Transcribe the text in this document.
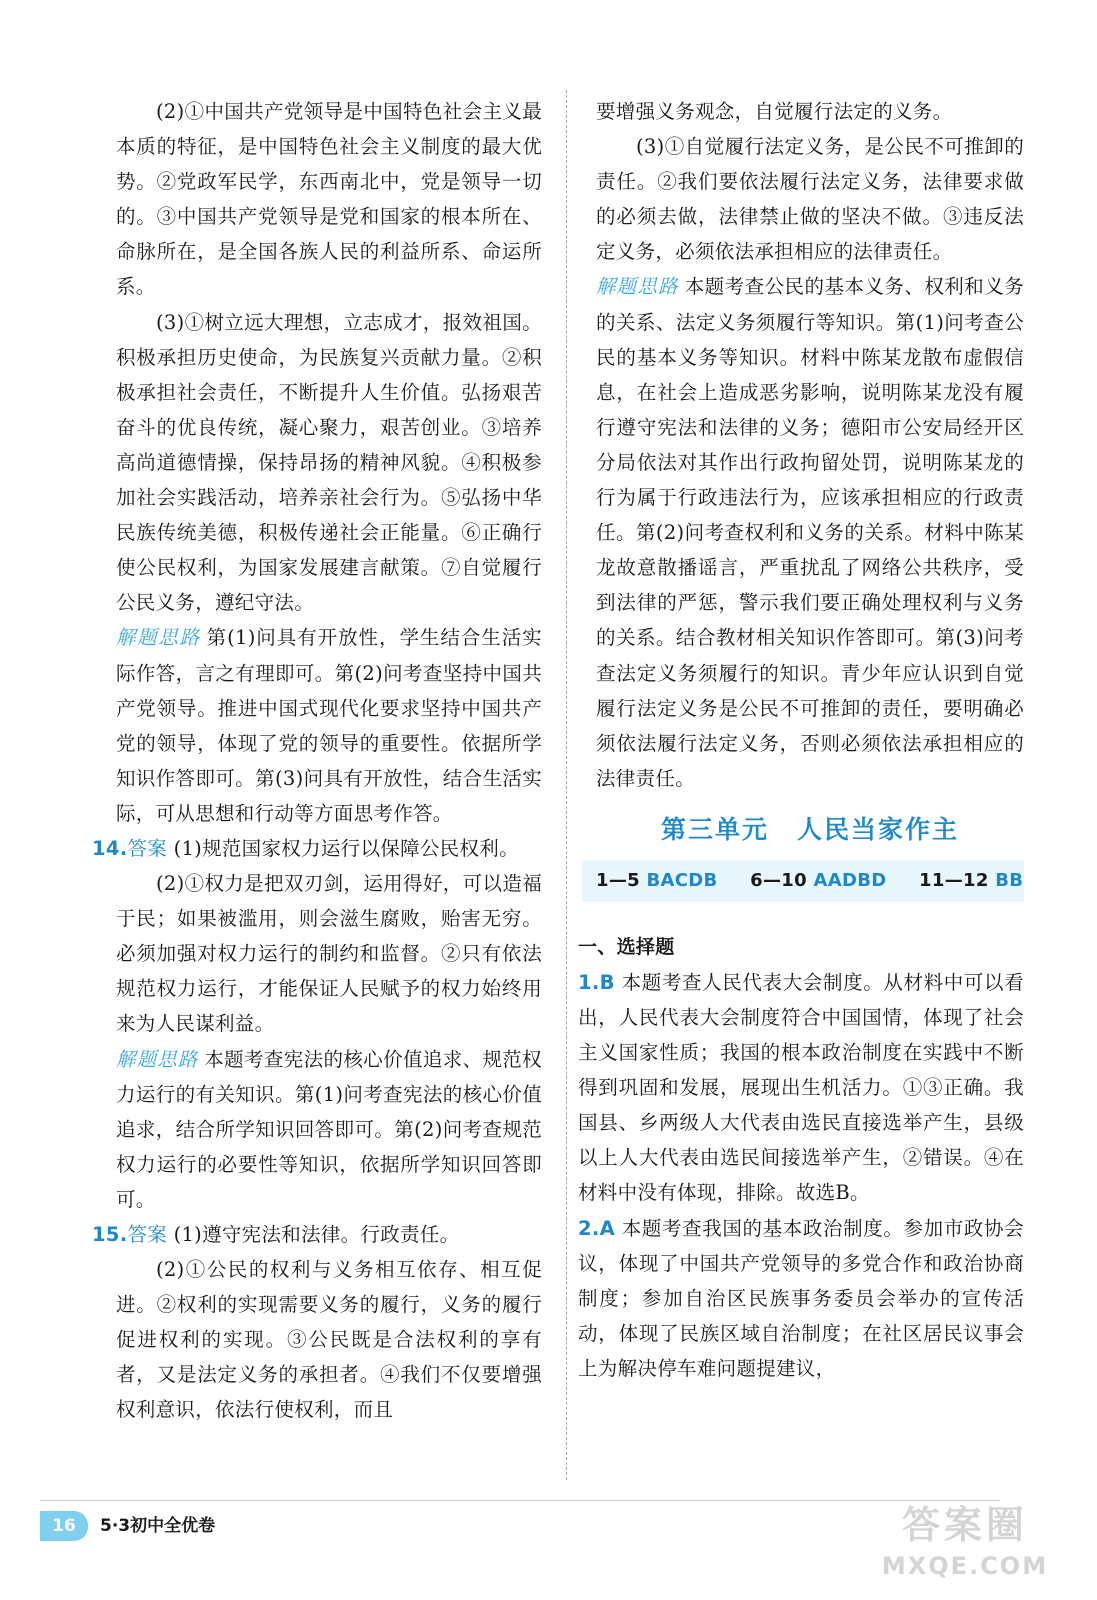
(2)①中国共产党领导是中国特色社会主义最本质的特征，是中国特色社会主义制度的最大优势。②党政军民学，东西南北中，党是领导一切的。③中国共产党领导是党和国家的根本所在、命脉所在，是全国各族人民的利益所系、命运所系。

(3)①树立远大理想，立志成才，报效祖国。积极承担历史使命，为民族复兴贡献力量。②积极承担社会责任，不断提升人生价值。弘扬艰苦奋斗的优良传统，凝心聚力，艰苦创业。③培养高尚道德情操，保持昂扬的精神风貌。④积极参加社会实践活动，培养亲社会行为。⑤弘扬中华民族传统美德，积极传递社会正能量。⑥正确行使公民权利，为国家发展建言献策。⑦自觉履行公民义务，遵纪守法。

解题思路 第(1)问具有开放性，学生结合生活实际作答，言之有理即可。第(2)问考查坚持中国共产党领导。推进中国式现代化要求坚持中国共产党的领导，体现了党的领导的重要性。依据所学知识作答即可。第(3)问具有开放性，结合生活实际，可从思想和行动等方面思考作答。

14.答案 (1)规范国家权力运行以保障公民权利。

(2)①权力是把双刃剑，运用得好，可以造福于民；如果被滥用，则会滋生腐败，贻害无穷。必须加强对权力运行的制约和监督。②只有依法规范权力运行，才能保证人民赋予的权力始终用来为人民谋利益。

解题思路 本题考查宪法的核心价值追求、规范权力运行的有关知识。第(1)问考查宪法的核心价值追求，结合所学知识回答即可。第(2)问考查规范权力运行的必要性等知识，依据所学知识回答即可。

15.答案 (1)遵守宪法和法律。行政责任。

(2)①公民的权利与义务相互依存、相互促进。②权利的实现需要义务的履行，义务的履行促进权利的实现。③公民既是合法权利的享有者，又是法定义务的承担者。④我们不仅要增强权利意识，依法行使权利，而且

要增强义务观念，自觉履行法定的义务。

(3)①自觉履行法定义务，是公民不可推卸的责任。②我们要依法履行法定义务，法律要求做的必须去做，法律禁止做的坚决不做。③违反法定义务，必须依法承担相应的法律责任。

解题思路 本题考查公民的基本义务、权利和义务的关系、法定义务须履行等知识。第(1)问考查公民的基本义务等知识。材料中陈某龙散布虚假信息，在社会上造成恶劣影响，说明陈某龙没有履行遵守宪法和法律的义务；德阳市公安局经开区分局依法对其作出行政拘留处罚，说明陈某龙的行为属于行政违法行为，应该承担相应的行政责任。第(2)问考查权利和义务的关系。材料中陈某龙故意散播谣言，严重扰乱了网络公共秩序，受到法律的严惩，警示我们要正确处理权利与义务的关系。结合教材相关知识作答即可。第(3)问考查法定义务须履行的知识。青少年应认识到自觉履行法定义务是公民不可推卸的责任，要明确必须依法履行法定义务，否则必须依法承担相应的法律责任。

第三单元 人民当家作主
1—5 BACDB 6—10 AADBD 11—12 BB
一、选择题

1.B 本题考查人民代表大会制度。从材料中可以看出，人民代表大会制度符合中国国情，体现了社会主义国家性质；我国的根本政治制度在实践中不断得到巩固和发展，展现出生机活力。①③正确。我国县、乡两级人大代表由选民直接选举产生，县级以上人大代表由选民间接选举产生，②错误。④在材料中没有体现，排除。故选B。

2.A 本题考查我国的基本政治制度。参加市政协会议，体现了中国共产党领导的多党合作和政治协商制度；参加自治区民族事务委员会举办的宣传活动，体现了民族区域自治制度；在社区居民议事会上为解决停车难问题提建议，

16	5·3初中全优卷	答案圈
MXQE.COM
